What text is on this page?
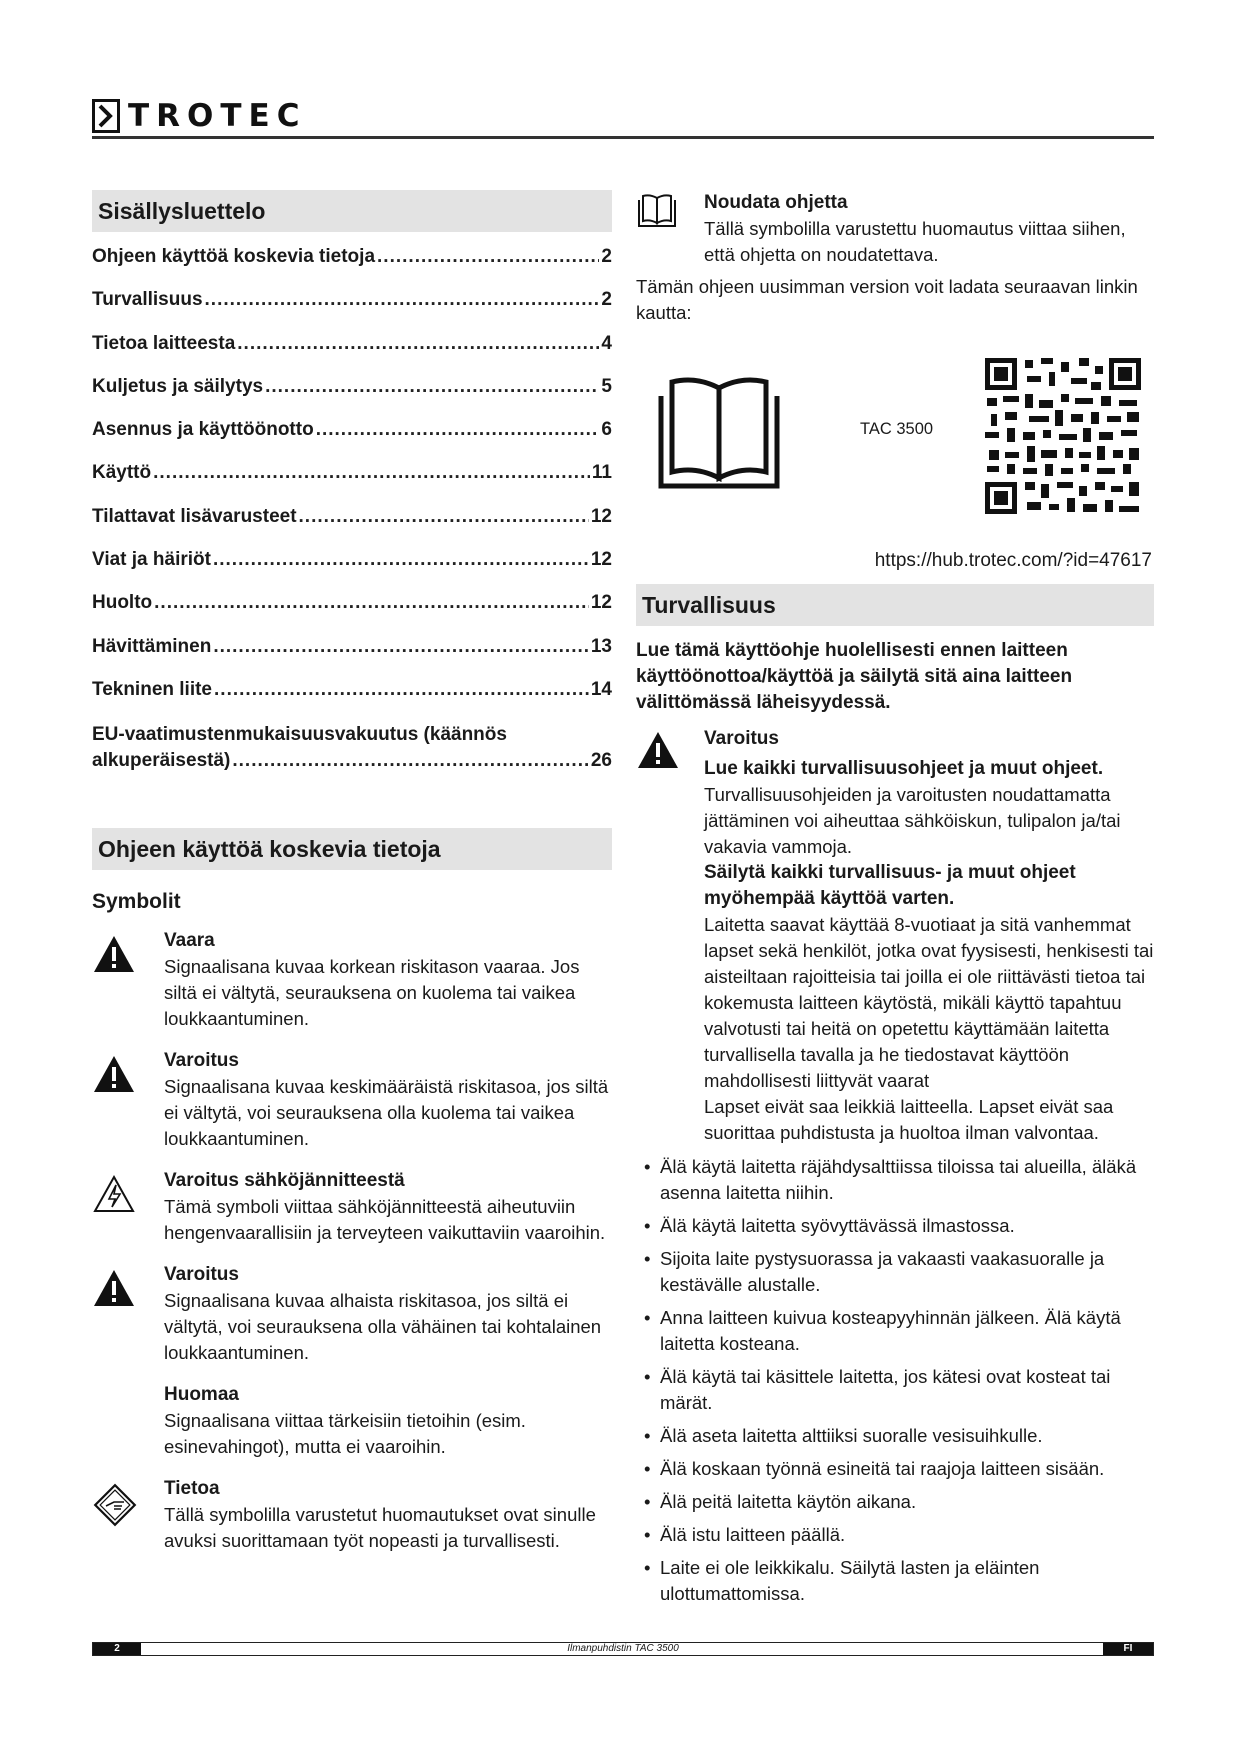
TROTEC
Sisällysluettelo
Ohjeen käyttöä koskevia tietoja .....	2
Turvallisuus .....	2
Tietoa laitteesta .....	4
Kuljetus ja säilytys .....	5
Asennus ja käyttöönotto .....	6
Käyttö .....	11
Tilattavat lisävarusteet .....	12
Viat ja häiriöt .....	12
Huolto .....	12
Hävittäminen .....	13
Tekninen liite .....	14
EU-vaatimustenmukaisuusvakuutus (käännös
alkuperäisestä) .....	26
Ohjeen käyttöä koskevia tietoja
Symbolit
Vaara
Signaalisana kuvaa korkean riskitason vaaraa. Jos siltä ei vältytä, seurauksena on kuolema tai vaikea loukkaantuminen.
Varoitus
Signaalisana kuvaa keskimääräistä riskitasoa, jos siltä ei vältytä, voi seurauksena olla kuolema tai vaikea loukkaantuminen.
Varoitus sähköjännitteestä
Tämä symboli viittaa sähköjännitteestä aiheutuviin hengenvaarallisiin ja terveyteen vaikuttaviin vaaroihin.
Varoitus
Signaalisana kuvaa alhaista riskitasoa, jos siltä ei vältytä, voi seurauksena olla vähäinen tai kohtalainen loukkaantuminen.
Huomaa
Signaalisana viittaa tärkeisiin tietoihin (esim. esinevahingot), mutta ei vaaroihin.
Tietoa
Tällä symbolilla varustetut huomautukset ovat sinulle avuksi suorittamaan työt nopeasti ja turvallisesti.
Noudata ohjetta
Tällä symbolilla varustettu huomautus viittaa siihen, että ohjetta on noudatettava.
Tämän ohjeen uusimman version voit ladata seuraavan linkin kautta:
TAC 3500
https://hub.trotec.com/?id=47617
Turvallisuus
Lue tämä käyttöohje huolellisesti ennen laitteen käyttöönottoa/käyttöä ja säilytä sitä aina laitteen välittömässä läheisyydessä.
Varoitus
Lue kaikki turvallisuusohjeet ja muut ohjeet.
Turvallisuusohjeiden ja varoitusten noudattamatta jättäminen voi aiheuttaa sähköiskun, tulipalon ja/tai vakavia vammoja.
Säilytä kaikki turvallisuus- ja muut ohjeet myöhempää käyttöä varten.
Laitetta saavat käyttää 8-vuotiaat ja sitä vanhemmat lapset sekä henkilöt, jotka ovat fyysisesti, henkisesti tai aisteiltaan rajoitteisia tai joilla ei ole riittävästi tietoa tai kokemusta laitteen käytöstä, mikäli käyttö tapahtuu valvotusti tai heitä on opetettu käyttämään laitetta turvallisella tavalla ja he tiedostavat käyttöön mahdollisesti liittyvät vaarat
Lapset eivät saa leikkiä laitteella. Lapset eivät saa suorittaa puhdistusta ja huoltoa ilman valvontaa.
• Älä käytä laitetta räjähdysalttiissa tiloissa tai alueilla, äläkä asenna laitetta niihin.
• Älä käytä laitetta syövyttävässä ilmastossa.
• Sijoita laite pystysuorassa ja vakaasti vaakasuoralle ja kestävälle alustalle.
• Anna laitteen kuivua kosteapyyhinnän jälkeen. Älä käytä laitetta kosteana.
• Älä käytä tai käsittele laitetta, jos kätesi ovat kosteat tai märät.
• Älä aseta laitetta alttiiksi suoralle vesisuihkulle.
• Älä koskaan työnnä esineitä tai raajoja laitteen sisään.
• Älä peitä laitetta käytön aikana.
• Älä istu laitteen päällä.
• Laite ei ole leikkikalu. Säilytä lasten ja eläinten ulottumattomissa.
2	Ilmanpuhdistin TAC 3500	FI
